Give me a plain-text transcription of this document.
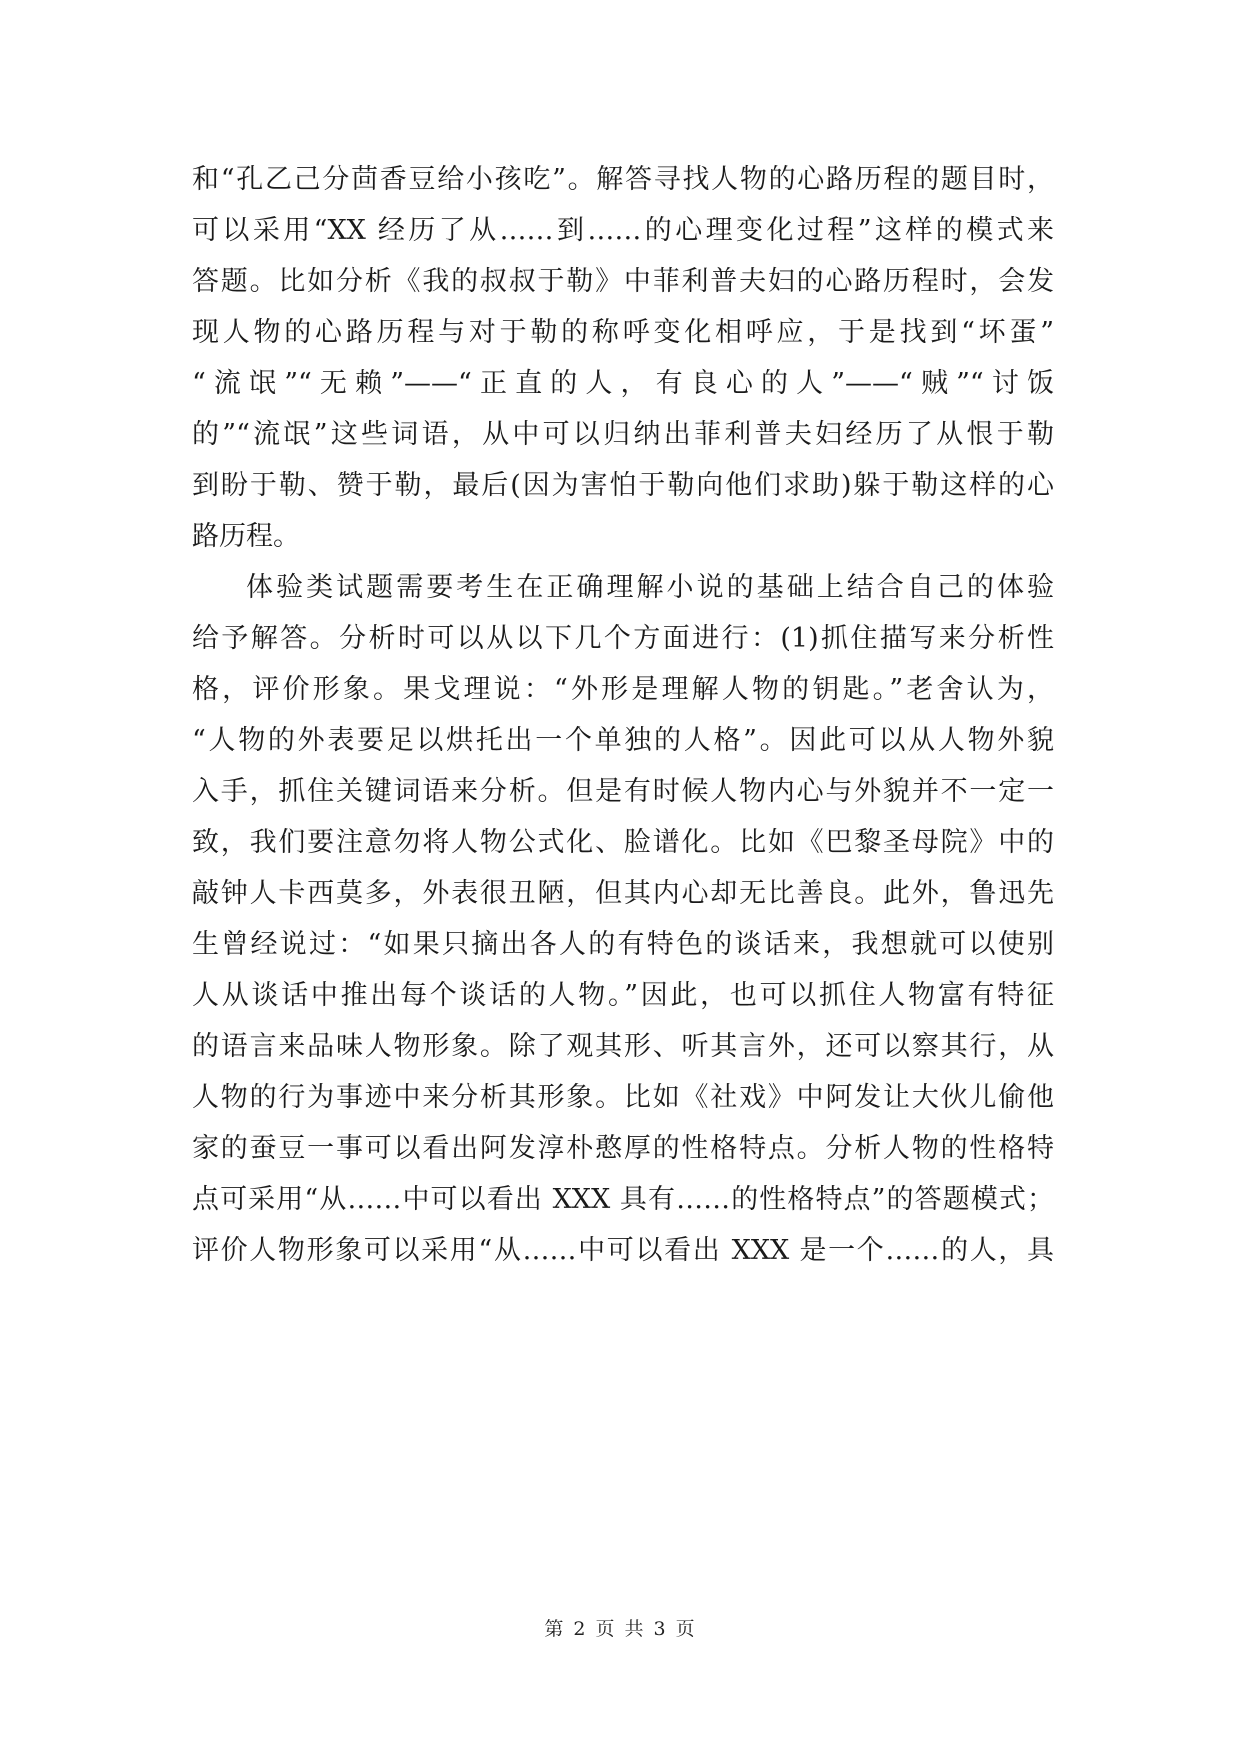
和“孔乙己分茴香豆给小孩吃”。解答寻找人物的心路历程的题目时，
可以采用“XX 经历了从……到……的心理变化过程”这样的模式来
答题。比如分析《我的叔叔于勒》中菲利普夫妇的心路历程时，会发
现人物的心路历程与对于勒的称呼变化相呼应，于是找到“坏蛋”
“流氓”“无赖”——“正直的人，有良心的人”——“贼”“讨饭
的”“流氓”这些词语，从中可以归纳出菲利普夫妇经历了从恨于勒
到盼于勒、赞于勒，最后(因为害怕于勒向他们求助)躲于勒这样的心
路历程。
体验类试题需要考生在正确理解小说的基础上结合自己的体验
给予解答。分析时可以从以下几个方面进行：(1)抓住描写来分析性
格，评价形象。果戈理说：“外形是理解人物的钥匙。”老舍认为，
“人物的外表要足以烘托出一个单独的人格”。因此可以从人物外貌
入手，抓住关键词语来分析。但是有时候人物内心与外貌并不一定一
致，我们要注意勿将人物公式化、脸谱化。比如《巴黎圣母院》中的
敲钟人卡西莫多，外表很丑陋，但其内心却无比善良。此外，鲁迅先
生曾经说过：“如果只摘出各人的有特色的谈话来，我想就可以使别
人从谈话中推出每个谈话的人物。”因此，也可以抓住人物富有特征
的语言来品味人物形象。除了观其形、听其言外，还可以察其行，从
人物的行为事迹中来分析其形象。比如《社戏》中阿发让大伙儿偷他
家的蚕豆一事可以看出阿发淳朴憨厚的性格特点。分析人物的性格特
点可采用“从……中可以看出 XXX 具有……的性格特点”的答题模式；
评价人物形象可以采用“从……中可以看出 XXX 是一个……的人，具
第 2 页 共 3 页
